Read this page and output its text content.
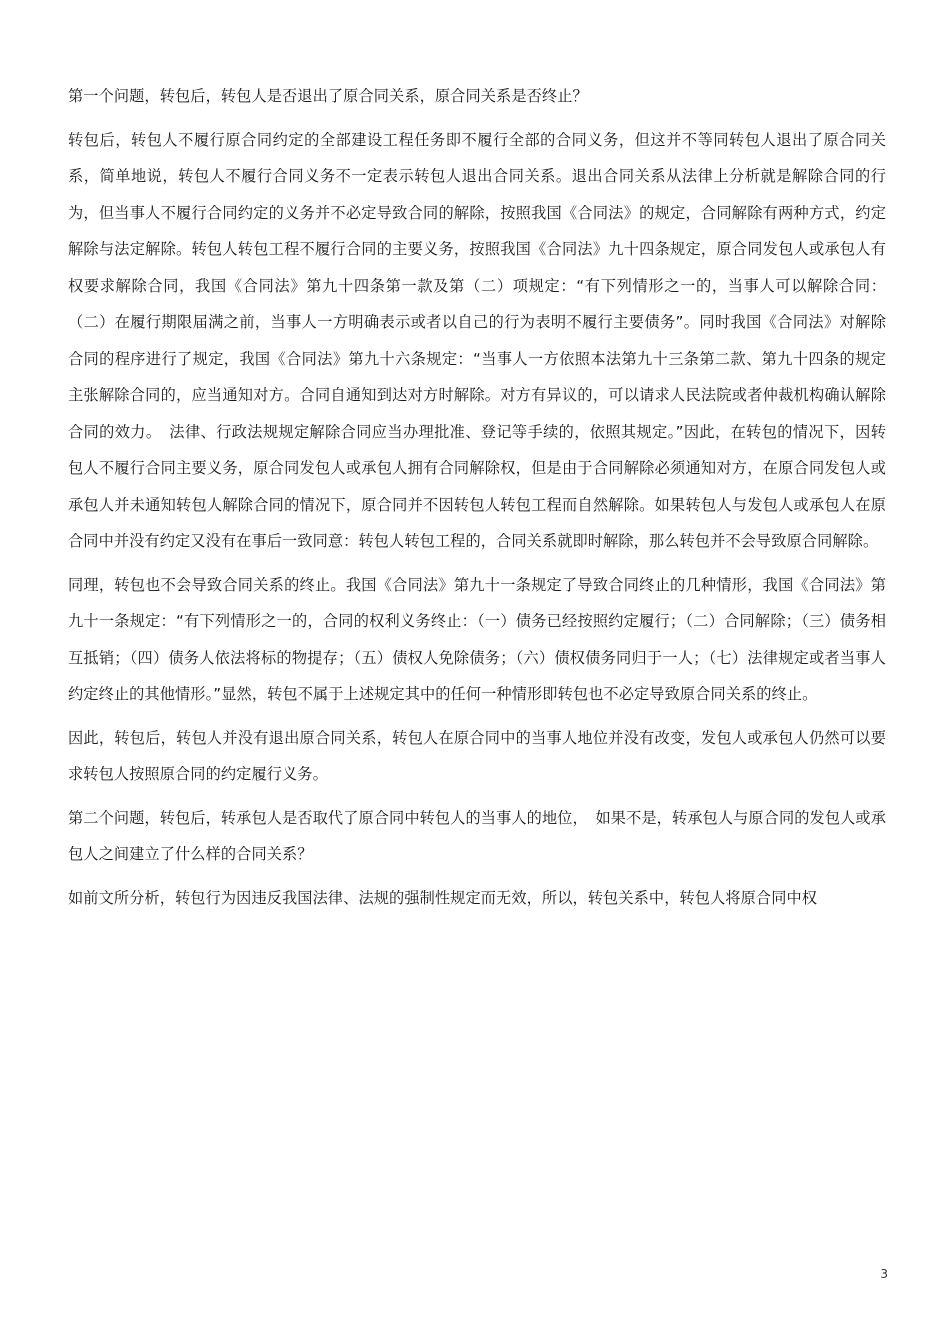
第一个问题，转包后，转包人是否退出了原合同关系，原合同关系是否终止？

转包后，转包人不履行原合同约定的全部建设工程任务即不履行全部的合同义务，但这并不等同转包人退出了原合同关系，简单地说，转包人不履行合同义务不一定表示转包人退出合同关系。退出合同关系从法律上分析就是解除合同的行为，但当事人不履行合同约定的义务并不必定导致合同的解除，按照我国《合同法》的规定，合同解除有两种方式，约定解除与法定解除。转包人转包工程不履行合同的主要义务，按照我国《合同法》九十四条规定，原合同发包人或承包人有权要求解除合同，我国《合同法》第九十四条第一款及第（二）项规定：“有下列情形之一的，当事人可以解除合同：（二）在履行期限届满之前，当事人一方明确表示或者以自己的行为表明不履行主要债务”。同时我国《合同法》对解除合同的程序进行了规定，我国《合同法》第九十六条规定：“当事人一方依照本法第九十三条第二款、第九十四条的规定主张解除合同的，应当通知对方。合同自通知到达对方时解除。对方有异议的，可以请求人民法院或者仲裁机构确认解除合同的效力。　法律、行政法规规定解除合同应当办理批准、登记等手续的，依照其规定。”因此，在转包的情况下，因转包人不履行合同主要义务，原合同发包人或承包人拥有合同解除权，但是由于合同解除必须通知对方，在原合同发包人或承包人并未通知转包人解除合同的情况下，原合同并不因转包人转包工程而自然解除。如果转包人与发包人或承包人在原合同中并没有约定又没有在事后一致同意：转包人转包工程的，合同关系就即时解除，那么转包并不会导致原合同解除。

同理，转包也不会导致合同关系的终止。我国《合同法》第九十一条规定了导致合同终止的几种情形，我国《合同法》第九十一条规定：“有下列情形之一的，合同的权利义务终止：（一）债务已经按照约定履行；（二）合同解除；（三）债务相互抵销；（四）债务人依法将标的物提存；（五）债权人免除债务；（六）债权债务同归于一人；（七）法律规定或者当事人约定终止的其他情形。”显然，转包不属于上述规定其中的任何一种情形即转包也不必定导致原合同关系的终止。

因此，转包后，转包人并没有退出原合同关系，转包人在原合同中的当事人地位并没有改变，发包人或承包人仍然可以要求转包人按照原合同的约定履行义务。

第二个问题，转包后，转承包人是否取代了原合同中转包人的当事人的地位，　如果不是，转承包人与原合同的发包人或承包人之间建立了什么样的合同关系？

如前文所分析，转包行为因违反我国法律、法规的强制性规定而无效，所以，转包关系中，转包人将原合同中权

3
